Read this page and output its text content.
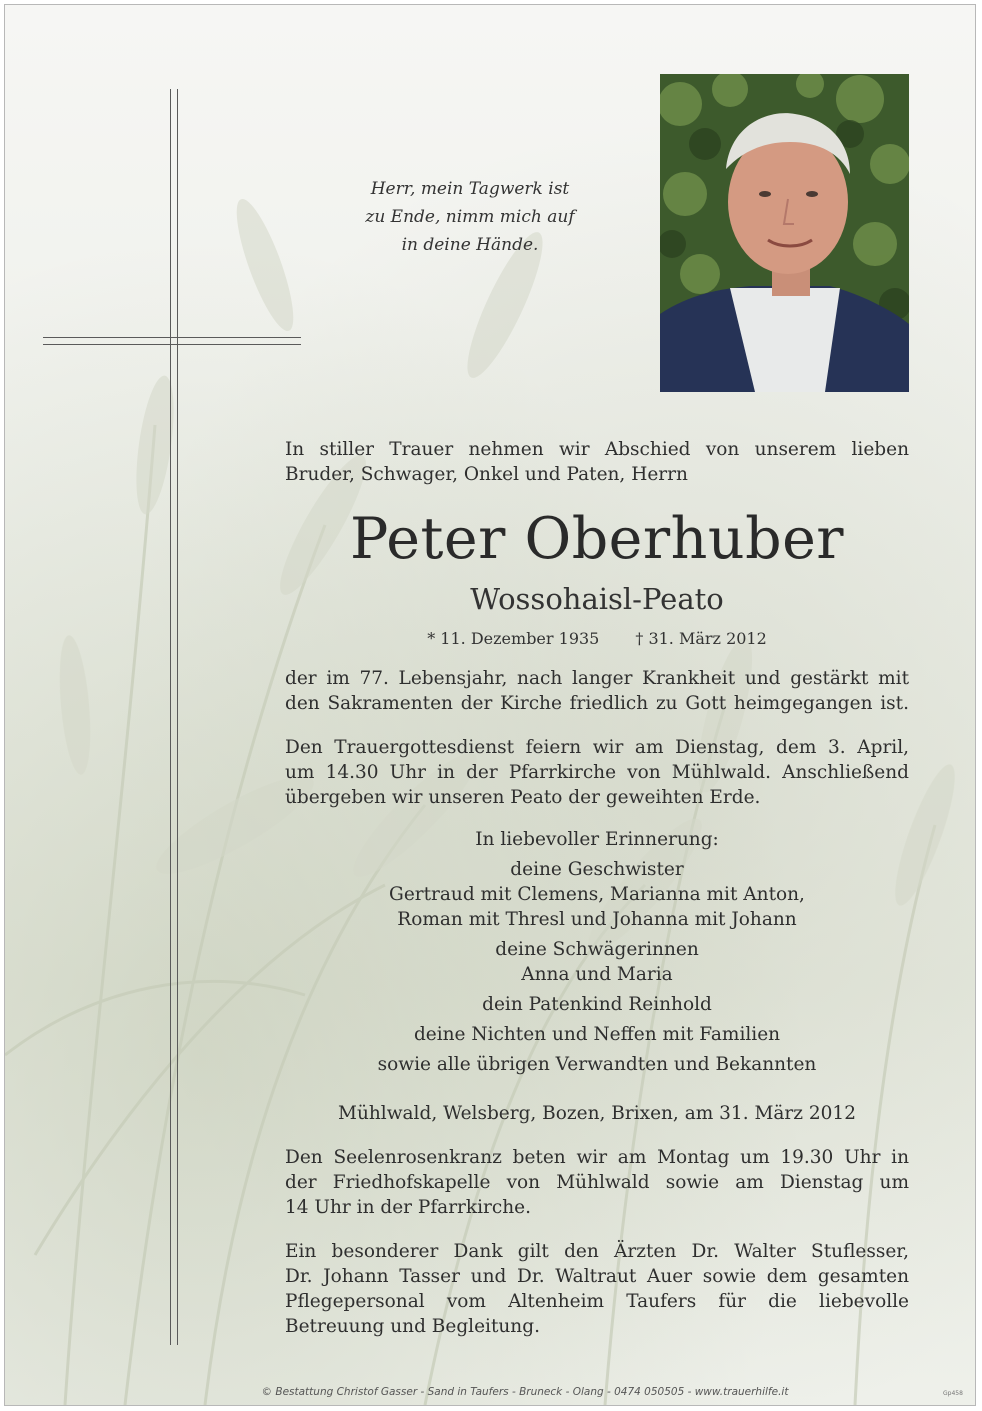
Herr, mein Tagwerk ist
zu Ende, nimm mich auf
in deine Hände.
In stiller Trauer nehmen wir Abschied von unserem lieben
Bruder, Schwager, Onkel und Paten, Herrn
Peter Oberhuber
Wossohaisl-Peato
* 11. Dezember 1935 † 31. März 2012
der im 77. Lebensjahr, nach langer Krankheit und gestärkt mit
den Sakramenten der Kirche friedlich zu Gott heimgegangen ist.
Den Trauergottesdienst feiern wir am Dienstag, dem 3. April,
um 14.30 Uhr in der Pfarrkirche von Mühlwald. Anschließend
übergeben wir unseren Peato der geweihten Erde.
In liebevoller Erinnerung:
deine Geschwister
Gertraud mit Clemens, Marianna mit Anton,
Roman mit Thresl und Johanna mit Johann
deine Schwägerinnen
Anna und Maria
dein Patenkind Reinhold
deine Nichten und Neffen mit Familien
sowie alle übrigen Verwandten und Bekannten
Mühlwald, Welsberg, Bozen, Brixen, am 31. März 2012
Den Seelenrosenkranz beten wir am Montag um 19.30 Uhr in
der Friedhofskapelle von Mühlwald sowie am Dienstag um
14 Uhr in der Pfarrkirche.
Ein besonderer Dank gilt den Ärzten Dr. Walter Stuflesser,
Dr. Johann Tasser und Dr. Waltraut Auer sowie dem gesamten
Pflegepersonal vom Altenheim Taufers für die liebevolle
Betreuung und Begleitung.
© Bestattung Christof Gasser - Sand in Taufers - Bruneck - Olang - 0474 050505 - www.trauerhilfe.it	Gp458
